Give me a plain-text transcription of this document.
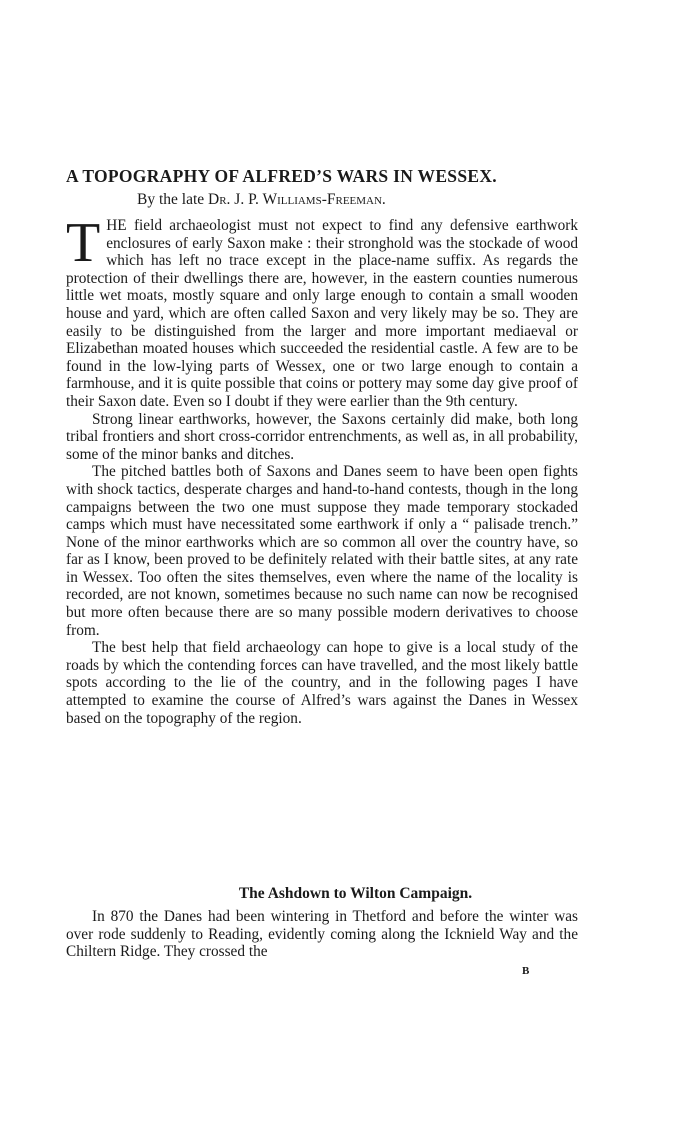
A TOPOGRAPHY OF ALFRED’S WARS IN WESSEX.
By the late Dr. J. P. Williams-Freeman.

THE field archaeologist must not expect to find any defensive earthwork enclosures of early Saxon make : their stronghold was the stockade of wood which has left no trace except in the place-name suffix. As regards the protection of their dwellings there are, however, in the eastern counties numerous little wet moats, mostly square and only large enough to contain a small wooden house and yard, which are often called Saxon and very likely may be so. They are easily to be distinguished from the larger and more important mediaeval or Elizabethan moated houses which succeeded the residential castle. A few are to be found in the low-lying parts of Wessex, one or two large enough to contain a farmhouse, and it is quite possible that coins or pottery may some day give proof of their Saxon date. Even so I doubt if they were earlier than the 9th century.

Strong linear earthworks, however, the Saxons certainly did make, both long tribal frontiers and short cross-corridor entrenchments, as well as, in all probability, some of the minor banks and ditches.

The pitched battles both of Saxons and Danes seem to have been open fights with shock tactics, desperate charges and hand-to-hand contests, though in the long campaigns between the two one must suppose they made temporary stockaded camps which must have necessitated some earthwork if only a “ palisade trench.” None of the minor earthworks which are so common all over the country have, so far as I know, been proved to be definitely related with their battle sites, at any rate in Wessex. Too often the sites themselves, even where the name of the locality is recorded, are not known, sometimes because no such name can now be recognised but more often because there are so many possible modern derivatives to choose from.

The best help that field archaeology can hope to give is a local study of the roads by which the contending forces can have travelled, and the most likely battle spots according to the lie of the country, and in the following pages I have attempted to examine the course of Alfred’s wars against the Danes in Wessex based on the topography of the region.

The Ashdown to Wilton Campaign.

In 870 the Danes had been wintering in Thetford and before the winter was over rode suddenly to Reading, evidently coming along the Icknield Way and the Chiltern Ridge. They crossed the

B
